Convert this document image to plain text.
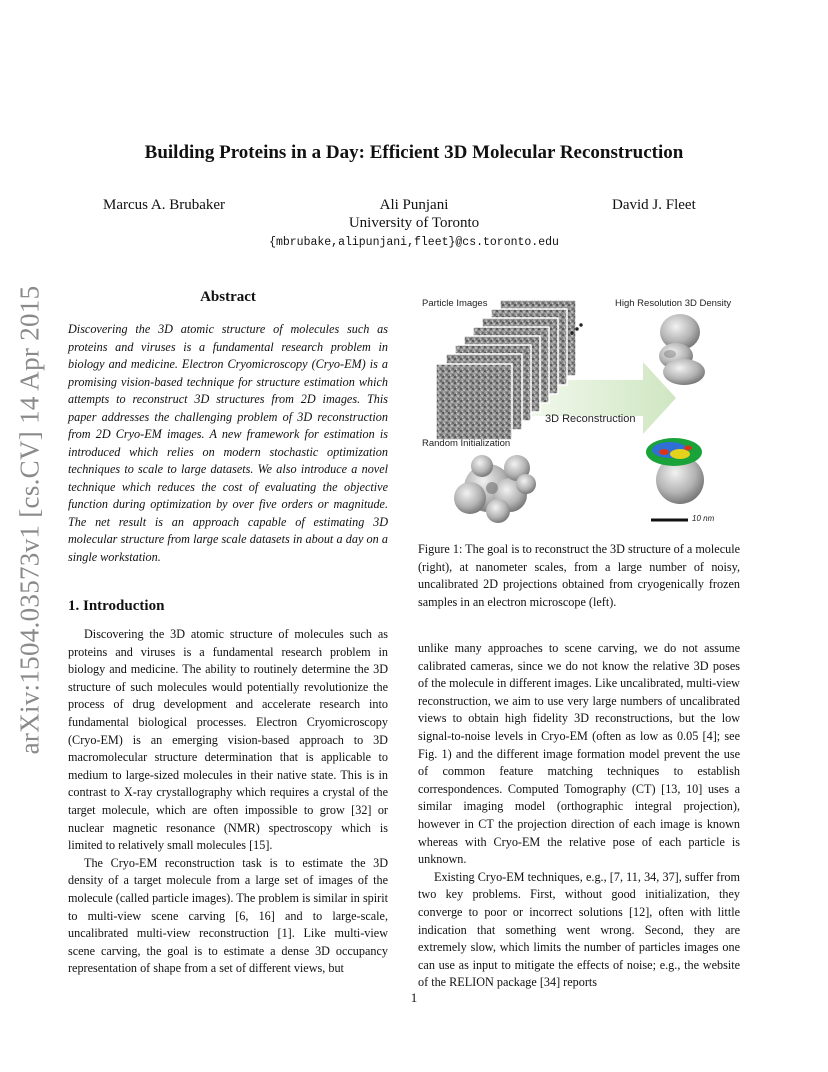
Building Proteins in a Day: Efficient 3D Molecular Reconstruction
Marcus A. Brubaker	Ali Punjani	David J. Fleet
University of Toronto
{mbrubake,alipunjani,fleet}@cs.toronto.edu
arXiv:1504.03573v1 [cs.CV] 14 Apr 2015	Abstract
Discovering the 3D atomic structure of molecules such as proteins and viruses is a fundamental research problem in biology and medicine. Electron Cryomicroscopy (Cryo-EM) is a promising vision-based technique for structure estimation which attempts to reconstruct 3D structures from 2D images. This paper addresses the challenging problem of 3D reconstruction from 2D Cryo-EM images. A new framework for estimation is introduced which relies on modern stochastic optimization techniques to scale to large datasets. We also introduce a novel technique which reduces the cost of evaluating the objective function during optimization by over five orders or magnitude. The net result is an approach capable of estimating 3D molecular structure from large scale datasets in about a day on a single workstation.
1. Introduction

Discovering the 3D atomic structure of molecules such as proteins and viruses is a fundamental research problem in biology and medicine. The ability to routinely determine the 3D structure of such molecules would potentially revolutionize the process of drug development and accelerate research into fundamental biological processes. Electron Cryomicroscopy (Cryo-EM) is an emerging vision-based approach to 3D macromolecular structure determination that is applicable to medium to large-sized molecules in their native state. This is in contrast to X-ray crystallography which requires a crystal of the target molecule, which are often impossible to grow [32] or nuclear magnetic resonance (NMR) spectroscopy which is limited to relatively small molecules [15].

The Cryo-EM reconstruction task is to estimate the 3D density of a target molecule from a large set of images of the molecule (called particle images). The problem is similar in spirit to multi-view scene carving [6, 16] and to large-scale, uncalibrated multi-view reconstruction [1]. Like multi-view scene carving, the goal is to estimate a dense 3D occupancy representation of shape from a set of different views, but

unlike many approaches to scene carving, we do not assume calibrated cameras, since we do not know the relative 3D poses of the molecule in different images. Like uncalibrated, multi-view reconstruction, we aim to use very large numbers of uncalibrated views to obtain high fidelity 3D reconstructions, but the low signal-to-noise levels in Cryo-EM (often as low as 0.05 [4]; see Fig. 1) and the different image formation model prevent the use of common feature matching techniques to establish correspondences. Computed Tomography (CT) [13, 10] uses a similar imaging model (orthographic integral projection), however in CT the projection direction of each image is known whereas with Cryo-EM the relative pose of each particle is unknown.

Existing Cryo-EM techniques, e.g., [7, 11, 34, 37], suffer from two key problems. First, without good initialization, they converge to poor or incorrect solutions [12], often with little indication that something went wrong. Second, they are extremely slow, which limits the number of particles images one can use as input to mitigate the effects of noise; e.g., the website of the RELION package [34] reports

Particle Images	High Resolution 3D Density
3D Reconstruction
Random Initialization
10 nm
Figure 1: The goal is to reconstruct the 3D structure of a molecule (right), at nanometer scales, from a large number of noisy, uncalibrated 2D projections obtained from cryogenically frozen samples in an electron microscope (left).
1
